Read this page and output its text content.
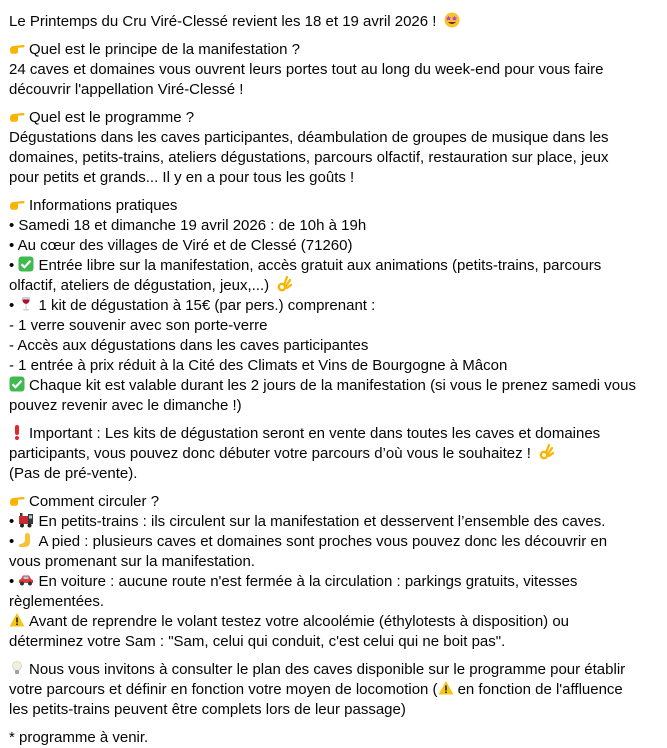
Le Printemps du Cru Viré-Clessé revient les 18 et 19 avril 2026 !
Quel est le principe de la manifestation ?
24 caves et domaines vous ouvrent leurs portes tout au long du week-end pour vous faire
découvrir l'appellation Viré-Clessé !
Quel est le programme ?
Dégustations dans les caves participantes, déambulation de groupes de musique dans les
domaines, petits-trains, ateliers dégustations, parcours olfactif, restauration sur place, jeux
pour petits et grands... Il y en a pour tous les goûts !
Informations pratiques
• Samedi 18 et dimanche 19 avril 2026 : de 10h à 19h
• Au cœur des villages de Viré et de Clessé (71260)
• Entrée libre sur la manifestation, accès gratuit aux animations (petits-trains, parcours
olfactif, ateliers de dégustation, jeux,...)
• 1 kit de dégustation à 15€ (par pers.) comprenant :
- 1 verre souvenir avec son porte-verre
- Accès aux dégustations dans les caves participantes
- 1 entrée à prix réduit à la Cité des Climats et Vins de Bourgogne à Mâcon
Chaque kit est valable durant les 2 jours de la manifestation (si vous le prenez samedi vous
pouvez revenir avec le dimanche !)
Important : Les kits de dégustation seront en vente dans toutes les caves et domaines
participants, vous pouvez donc débuter votre parcours d’où vous le souhaitez !
(Pas de pré-vente).
Comment circuler ?
• En petits-trains : ils circulent sur la manifestation et desservent l’ensemble des caves.
• A pied : plusieurs caves et domaines sont proches vous pouvez donc les découvrir en
vous promenant sur la manifestation.
• En voiture : aucune route n'est fermée à la circulation : parkings gratuits, vitesses
règlementées.
Avant de reprendre le volant testez votre alcoolémie (éthylotests à disposition) ou
déterminez votre Sam : "Sam, celui qui conduit, c'est celui qui ne boit pas".
Nous vous invitons à consulter le plan des caves disponible sur le programme pour établir
votre parcours et définir en fonction votre moyen de locomotion ( en fonction de l'affluence
les petits-trains peuvent être complets lors de leur passage)
* programme à venir.
